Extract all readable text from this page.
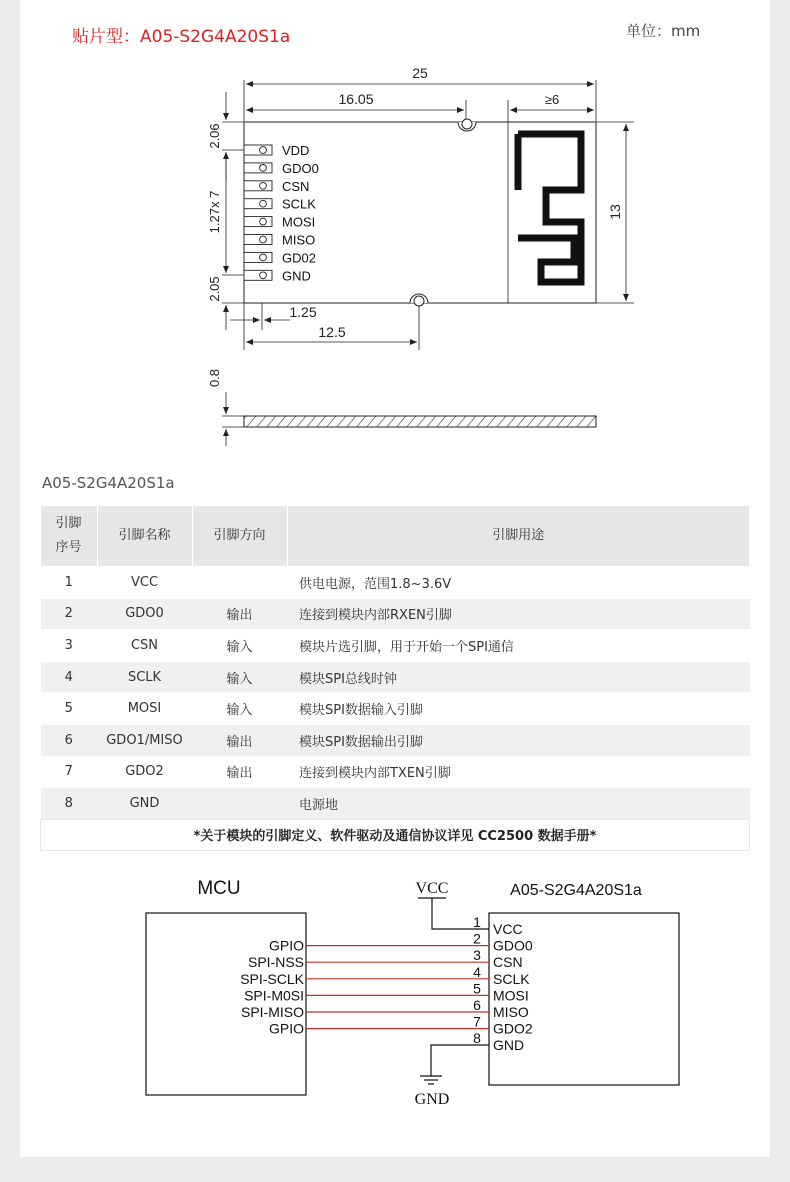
贴片型：A05-S2G4A20S1a	单位：mm
25
16.05	≥6
13
2.06
1.27x 7
2.05
1.25
12.5
VDD
GDO0
CSN
SCLK
MOSI
MISO
GD02
GND
0.8
A05-S2G4A20S1a
引脚
序号	引脚名称	引脚方向	引脚用途
1	VCC		供电电源，范围1.8~3.6V
2	GDO0	输出	连接到模块内部RXEN引脚
3	CSN	输入	模块片选引脚，用于开始一个SPI通信
4	SCLK	输入	模块SPI总线时钟
5	MOSI	输入	模块SPI数据输入引脚
6	GDO1/MISO	输出	模块SPI数据输出引脚
7	GDO2	输出	连接到模块内部TXEN引脚
8	GND		电源地
*关于模块的引脚定义、软件驱动及通信协议详见 CC2500 数据手册*			
MCU	A05-S2G4A20S1a
VCC
GND
1 VCC
2 GDO0
3 CSN
4 SCLK
5 MOSI
6 MISO
7 GDO2
8 GND
GPIO
SPI-NSS
SPI-SCLK
SPI-M0SI
SPI-MISO
GPIO
